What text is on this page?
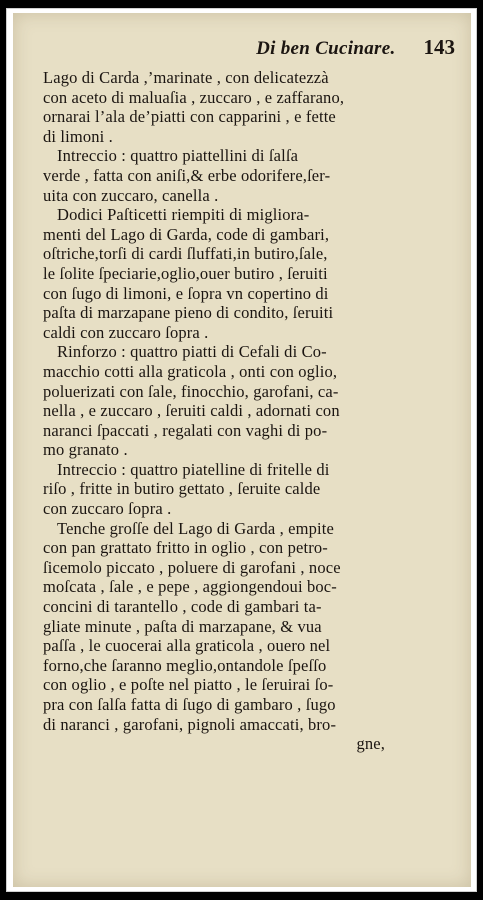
Di ben Cucinare. 143
Lago di Carda ,’marinate , con delicatezzà
con aceto di maluaſia , zuccaro , e zaffarano,
ornarai l’ala de’piatti con capparini , e fette
di limoni .
Intreccio : quattro piattellini di ſalſa
verde , fatta con aniſi,& erbe odorifere,ſer-
uita con zuccaro, canella .
Dodici Paſticetti riempiti di migliora-
menti del Lago di Garda, code di gambari,
oſtriche,torſi di cardi ſluffati,in butiro,ſale,
le ſolite ſpeciarie,oglio,ouer butiro , ſeruiti
con ſugo di limoni, e ſopra vn copertino di
paſta di marzapane pieno di condito, ſeruiti
caldi con zuccaro ſopra .
Rinforzo : quattro piatti di Cefali di Co-
macchio cotti alla graticola , onti con oglio,
poluerizati con ſale, finocchio, garofani, ca-
nella , e zuccaro , ſeruiti caldi , adornati con
naranci ſpaccati , regalati con vaghi di po-
mo granato .
Intreccio : quattro piatelline di fritelle di
riſo , fritte in butiro gettato , ſeruite calde
con zuccaro ſopra .
Tenche groſſe del Lago di Garda , empite
con pan grattato fritto in oglio , con petro-
ſicemolo piccato , poluere di garofani , noce
moſcata , ſale , e pepe , aggiongendoui boc-
concini di tarantello , code di gambari ta-
gliate minute , paſta di marzapane, & vua
paſſa , le cuocerai alla graticola , ouero nel
forno,che ſaranno meglio,ontandole ſpeſſo
con oglio , e poſte nel piatto , le ſeruirai ſo-
pra con ſalſa fatta di ſugo di gambaro , ſugo
di naranci , garofani, pignoli amaccati, bro-
gne,
